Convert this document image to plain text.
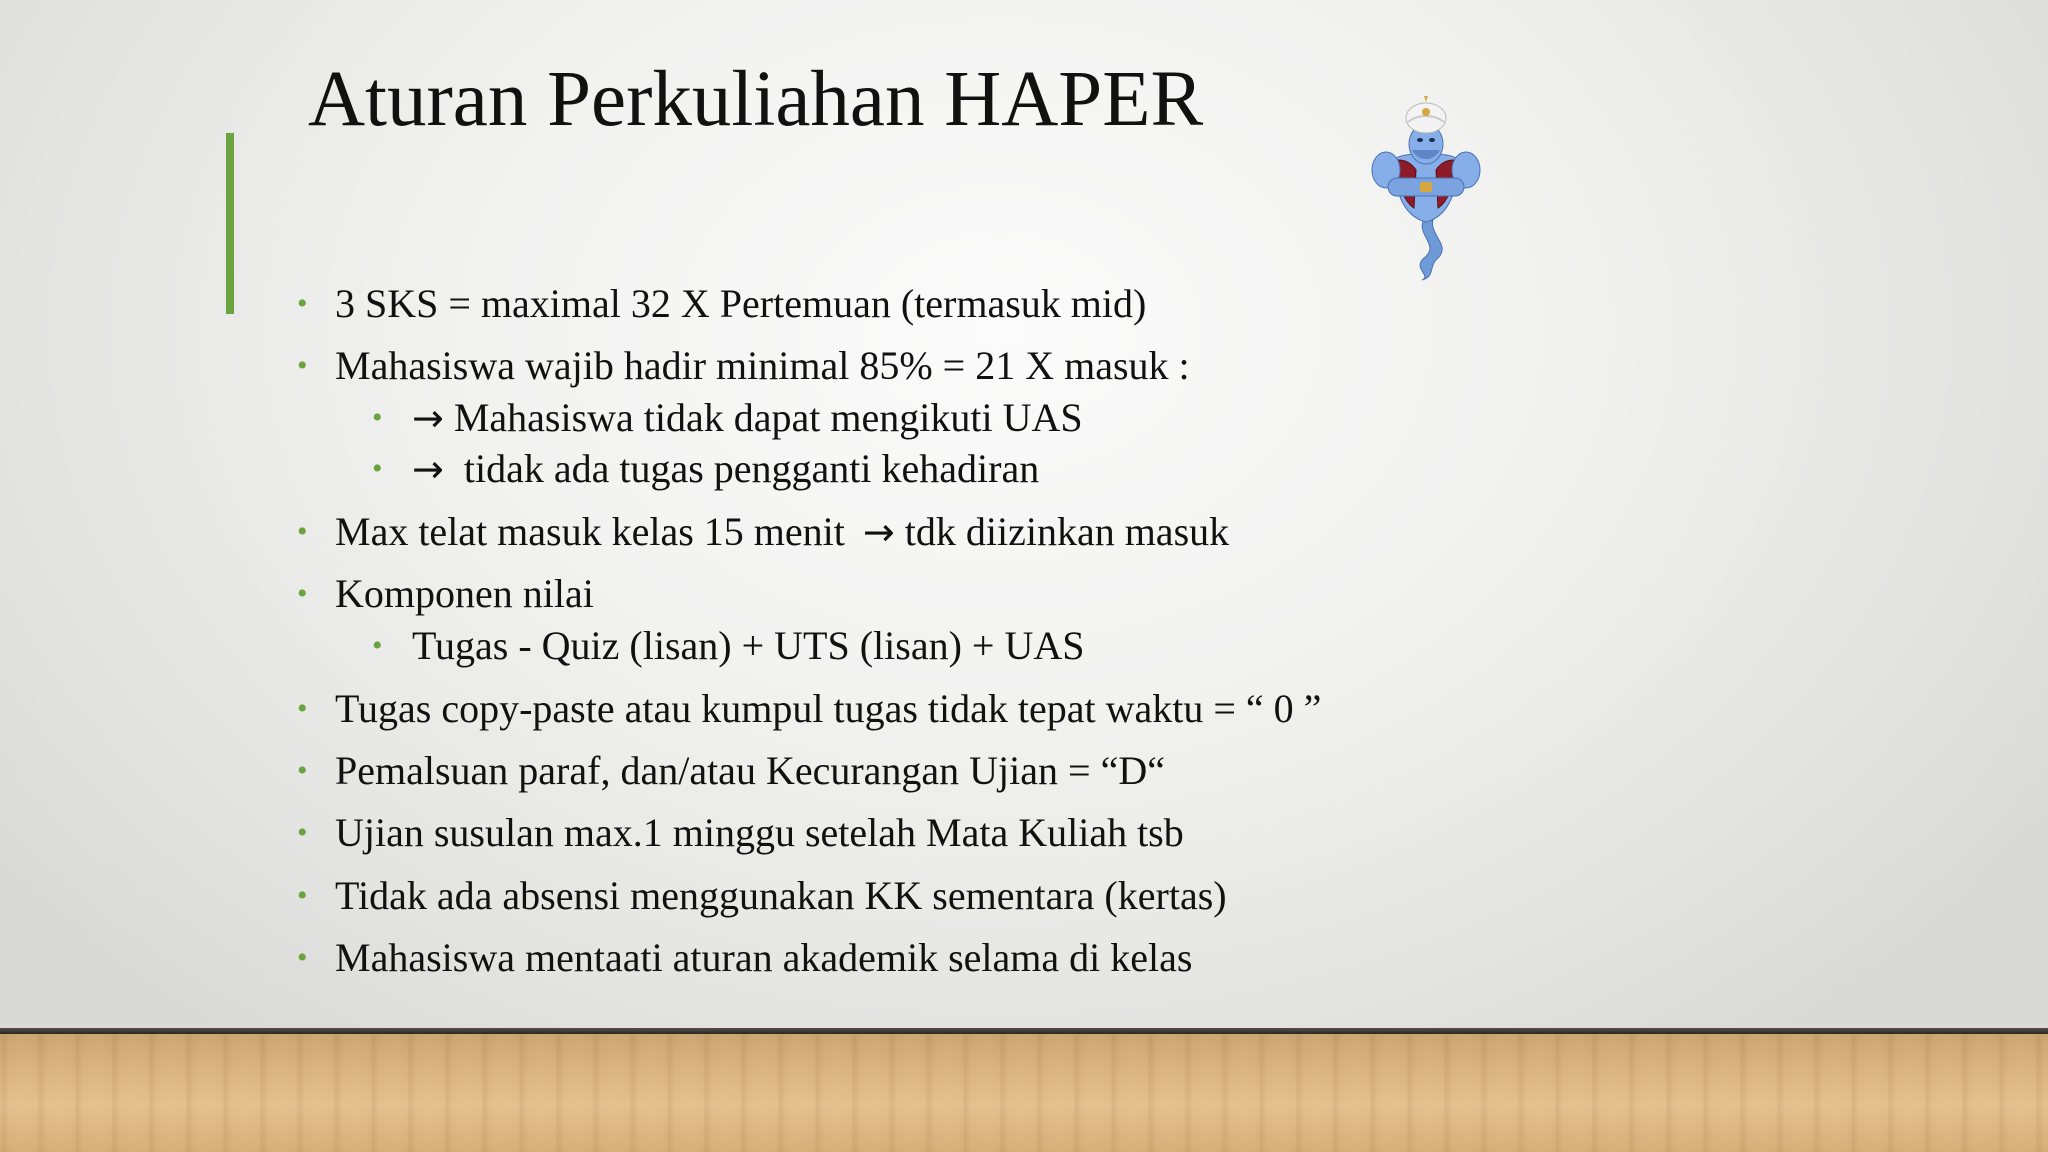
Aturan Perkuliahan HAPER
• 3 SKS = maximal 32 X Pertemuan (termasuk mid)
• Mahasiswa wajib hadir minimal 85% = 21 X masuk :
• → Mahasiswa tidak dapat mengikuti UAS
• → tidak ada tugas pengganti kehadiran
• Max telat masuk kelas 15 menit → tdk diizinkan masuk
• Komponen nilai
• Tugas - Quiz (lisan) + UTS (lisan) + UAS
• Tugas copy-paste atau kumpul tugas tidak tepat waktu = “ 0 ”
• Pemalsuan paraf, dan/atau Kecurangan Ujian = “D“
• Ujian susulan max.1 minggu setelah Mata Kuliah tsb
• Tidak ada absensi menggunakan KK sementara (kertas)
• Mahasiswa mentaati aturan akademik selama di kelas
